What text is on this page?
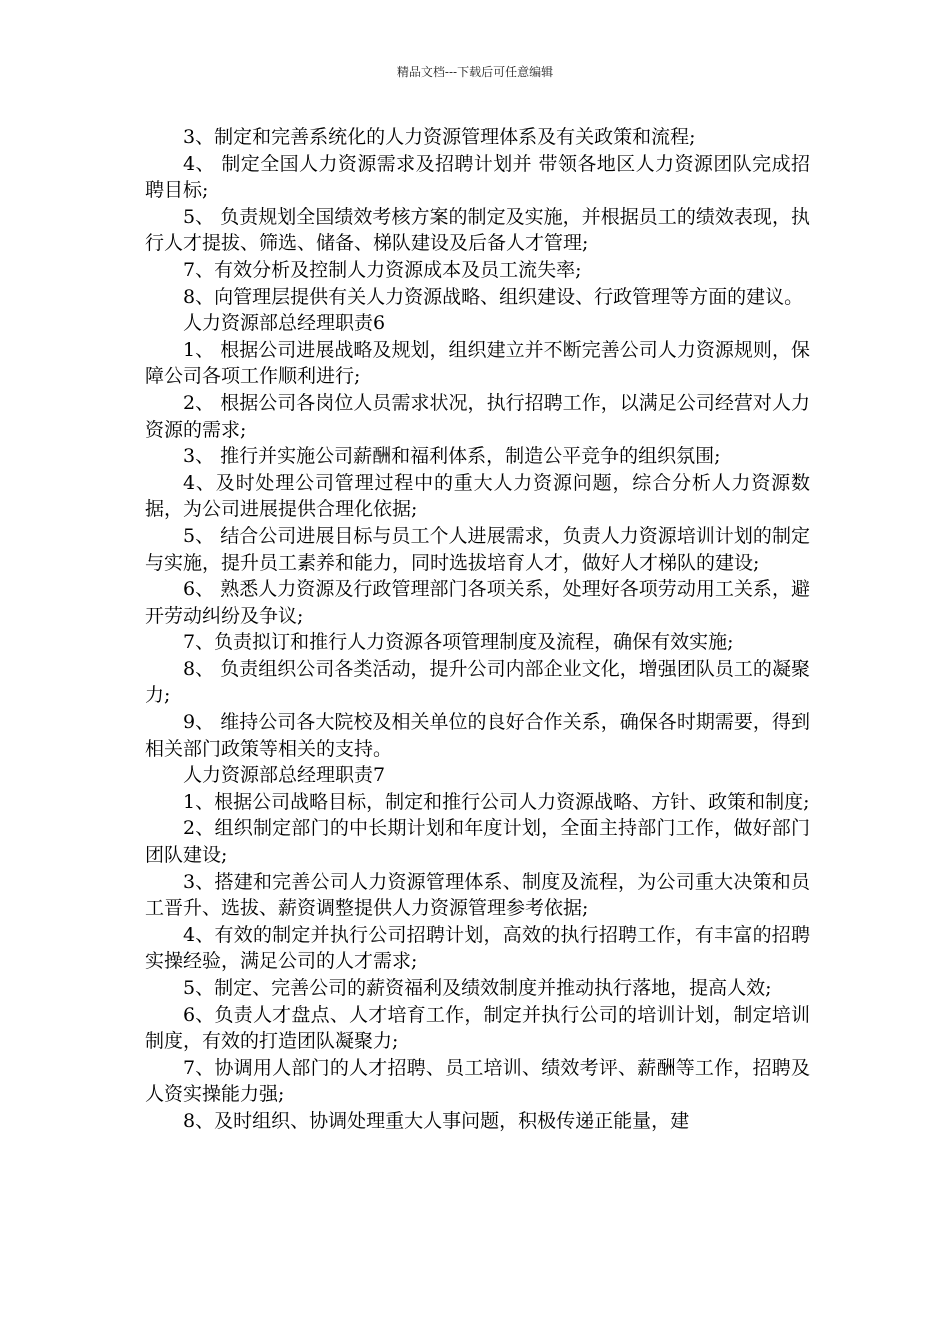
精品文档---下载后可任意编辑

3、制定和完善系统化的人力资源管理体系及有关政策和流程;

4、 制定全国人力资源需求及招聘计划并 带领各地区人力资源团队完成招聘目标;

5、 负责规划全国绩效考核方案的制定及实施，并根据员工的绩效表现，执行人才提拔、筛选、储备、梯队建设及后备人才管理;

7、有效分析及控制人力资源成本及员工流失率;

8、向管理层提供有关人力资源战略、组织建设、行政管理等方面的建议。

人力资源部总经理职责6

1、 根据公司进展战略及规划，组织建立并不断完善公司人力资源规则，保障公司各项工作顺利进行;

2、 根据公司各岗位人员需求状况，执行招聘工作，以满足公司经营对人力资源的需求;

3、 推行并实施公司薪酬和福利体系，制造公平竞争的组织氛围;

4、及时处理公司管理过程中的重大人力资源问题，综合分析人力资源数据，为公司进展提供合理化依据;

5、 结合公司进展目标与员工个人进展需求，负责人力资源培训计划的制定与实施，提升员工素养和能力，同时选拔培育人才，做好人才梯队的建设;

6、 熟悉人力资源及行政管理部门各项关系，处理好各项劳动用工关系，避开劳动纠纷及争议;

7、负责拟订和推行人力资源各项管理制度及流程，确保有效实施;

8、 负责组织公司各类活动，提升公司内部企业文化，增强团队员工的凝聚力;

9、 维持公司各大院校及相关单位的良好合作关系，确保各时期需要，得到相关部门政策等相关的支持。

人力资源部总经理职责7

1、根据公司战略目标，制定和推行公司人力资源战略、方针、政策和制度;

2、组织制定部门的中长期计划和年度计划，全面主持部门工作，做好部门团队建设;

3、搭建和完善公司人力资源管理体系、制度及流程，为公司重大决策和员工晋升、选拔、薪资调整提供人力资源管理参考依据;

4、有效的制定并执行公司招聘计划，高效的执行招聘工作，有丰富的招聘实操经验，满足公司的人才需求;

5、制定、完善公司的薪资福利及绩效制度并推动执行落地，提高人效;

6、负责人才盘点、人才培育工作，制定并执行公司的培训计划，制定培训制度，有效的打造团队凝聚力;

7、协调用人部门的人才招聘、员工培训、绩效考评、薪酬等工作，招聘及人资实操能力强;

8、及时组织、协调处理重大人事问题，积极传递正能量，建
